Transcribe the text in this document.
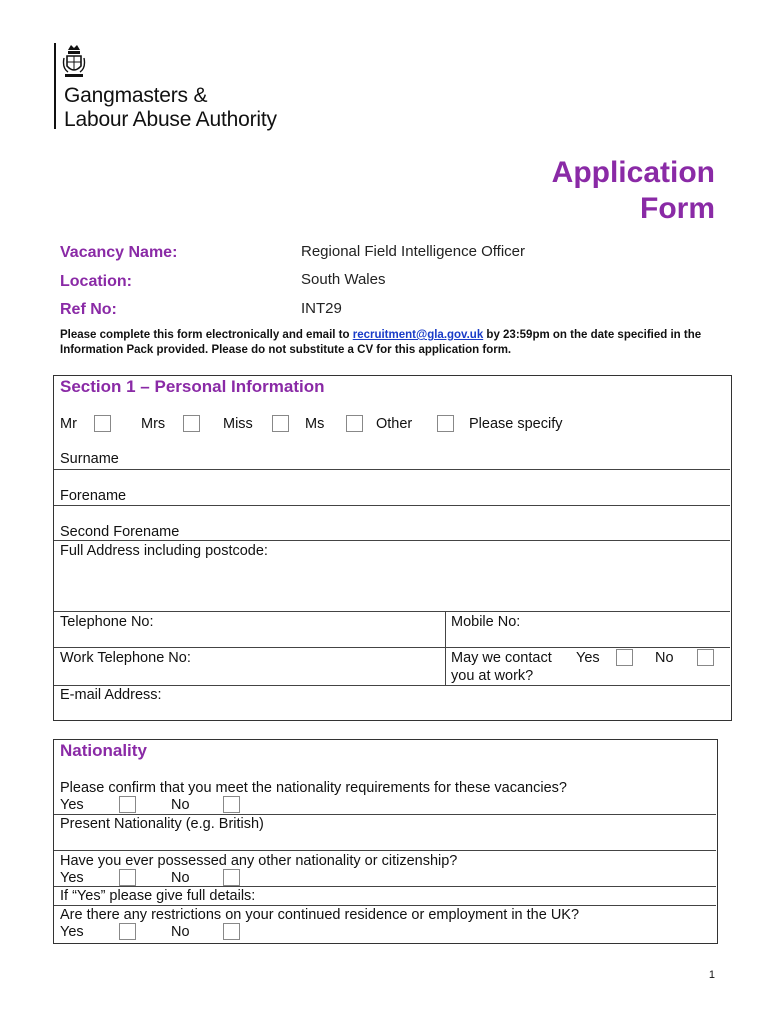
Gangmasters &
Labour Abuse Authority
Application
Form
Vacancy Name:	Regional Field Intelligence Officer
Location:	South Wales
Ref No:	INT29
Please complete this form electronically and email to recruitment@gla.gov.uk by 23:59pm on the date specified in the Information Pack provided. Please do not substitute a CV for this application form.
Section 1 – Personal Information
Mr	Mrs	Miss	Ms	Other	Please specify
Surname
Forename
Second Forename
Full Address including postcode:
Telephone No:	Mobile No:
Work Telephone No:	May we contact
you at work?
Yes	No
E-mail Address:
Nationality
Please confirm that you meet the nationality requirements for these vacancies?
Yes	No
Present Nationality (e.g. British)
Have you ever possessed any other nationality or citizenship?
Yes	No
If “Yes” please give full details:
Are there any restrictions on your continued residence or employment in the UK?
Yes	No
1
